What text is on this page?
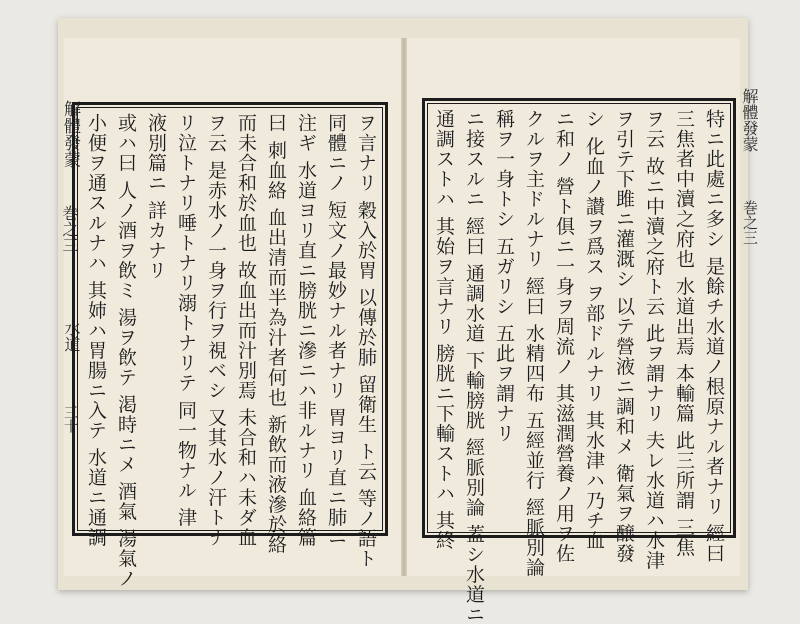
解體發蒙
巻之三
水道
三十	ヲ言ナリ 穀入於胃 以傳於肺 留衛生 ト云 等ノ語ト
同體ニノ 短文ノ最妙ナル者ナリ 胃ヨリ直ニ肺ニ
注ギ 水道ヨリ直ニ膀胱ニ滲ニハ非ルナリ 血絡篇
曰 刺血絡 血出清而半為汁者何也 新飲而液滲於絡
而未合和於血也 故血出而汁別焉 未合和ハ未ダ血
ヲ云 是赤水ノ一身ヲ行ヲ視ベシ 又其水ノ汗トナ
リ泣トナリ唾トナリ溺トナリテ 同一物ナル 津
液別篇ニ 詳カナリ
或ハ曰 人ノ酒ヲ飲ミ 湯ヲ飲テ 渇時ニメ 酒氣 湯氣ノ
小便ヲ通スルナハ 其姉ハ胃腸ニ入テ 水道ニ通調	特ニ此處ニ多シ 是餘チ水道ノ根原ナル者ナリ 經曰
三焦者中瀆之府也 水道出焉 本輸篇 此三所謂 三焦
ヲ云 故ニ中瀆之府ト云 此ヲ謂ナリ 夫レ水道ハ水津
ヲ引テ下雎ニ灌溉シ 以テ營液ニ調和メ 衛氣ヲ醸發
シ 化血ノ讃ヲ爲ス ヲ部ドルナリ 其水津ハ乃チ血
ニ和ノ 營ト俱ニ一身ヲ周流ノ 其滋潤營養ノ用ヲ佐
クルヲ主ドルナリ 經曰 水精四布 五經並行 經脈別論
稱ヲ一身トシ 五ガリシ 五此ヲ謂ナリ
ニ接スルニ 經曰 通調水道 下輸膀胱 經脈別論 蓋シ水道ニ
通調ストハ 其始ヲ言ナリ 膀胱ニ下輸ストハ 其終	解體發蒙
巻之三
